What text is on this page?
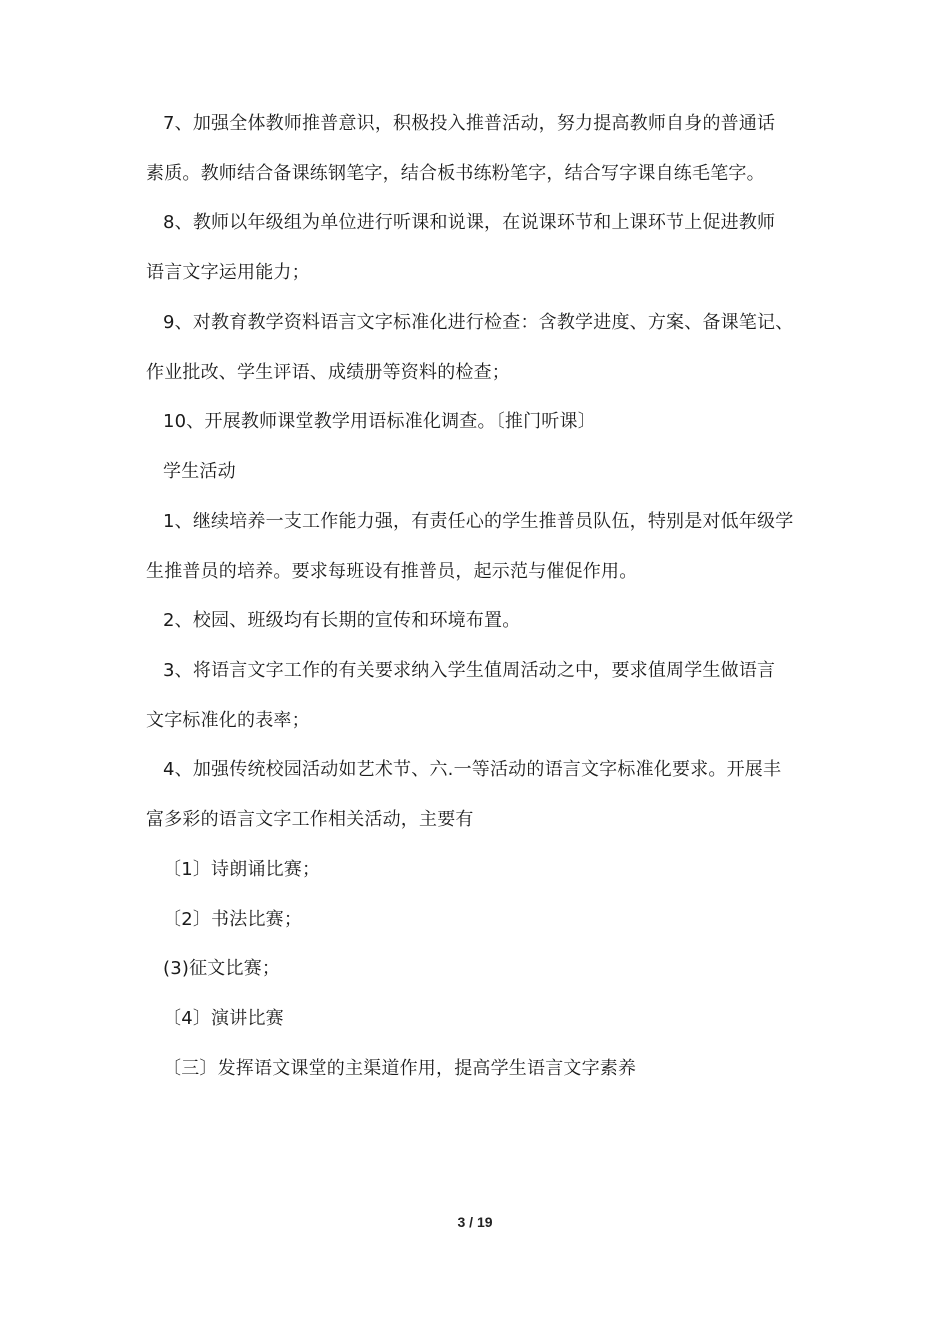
7、加强全体教师推普意识，积极投入推普活动，努力提高教师自身的普通话
素质。教师结合备课练钢笔字，结合板书练粉笔字，结合写字课自练毛笔字。
8、教师以年级组为单位进行听课和说课，在说课环节和上课环节上促进教师
语言文字运用能力；
9、对教育教学资料语言文字标准化进行检查：含教学进度、方案、备课笔记、
作业批改、学生评语、成绩册等资料的检查；
10、开展教师课堂教学用语标准化调查。〔推门听课〕
学生活动
1、继续培养一支工作能力强，有责任心的学生推普员队伍，特别是对低年级学
生推普员的培养。要求每班设有推普员，起示范与催促作用。
2、校园、班级均有长期的宣传和环境布置。
3、将语言文字工作的有关要求纳入学生值周活动之中，要求值周学生做语言
文字标准化的表率；
4、加强传统校园活动如艺术节、六.一等活动的语言文字标准化要求。开展丰
富多彩的语言文字工作相关活动，主要有
〔1〕诗朗诵比赛；
〔2〕书法比赛；
(3)征文比赛；
〔4〕演讲比赛
〔三〕发挥语文课堂的主渠道作用，提高学生语言文字素养
3 / 19
